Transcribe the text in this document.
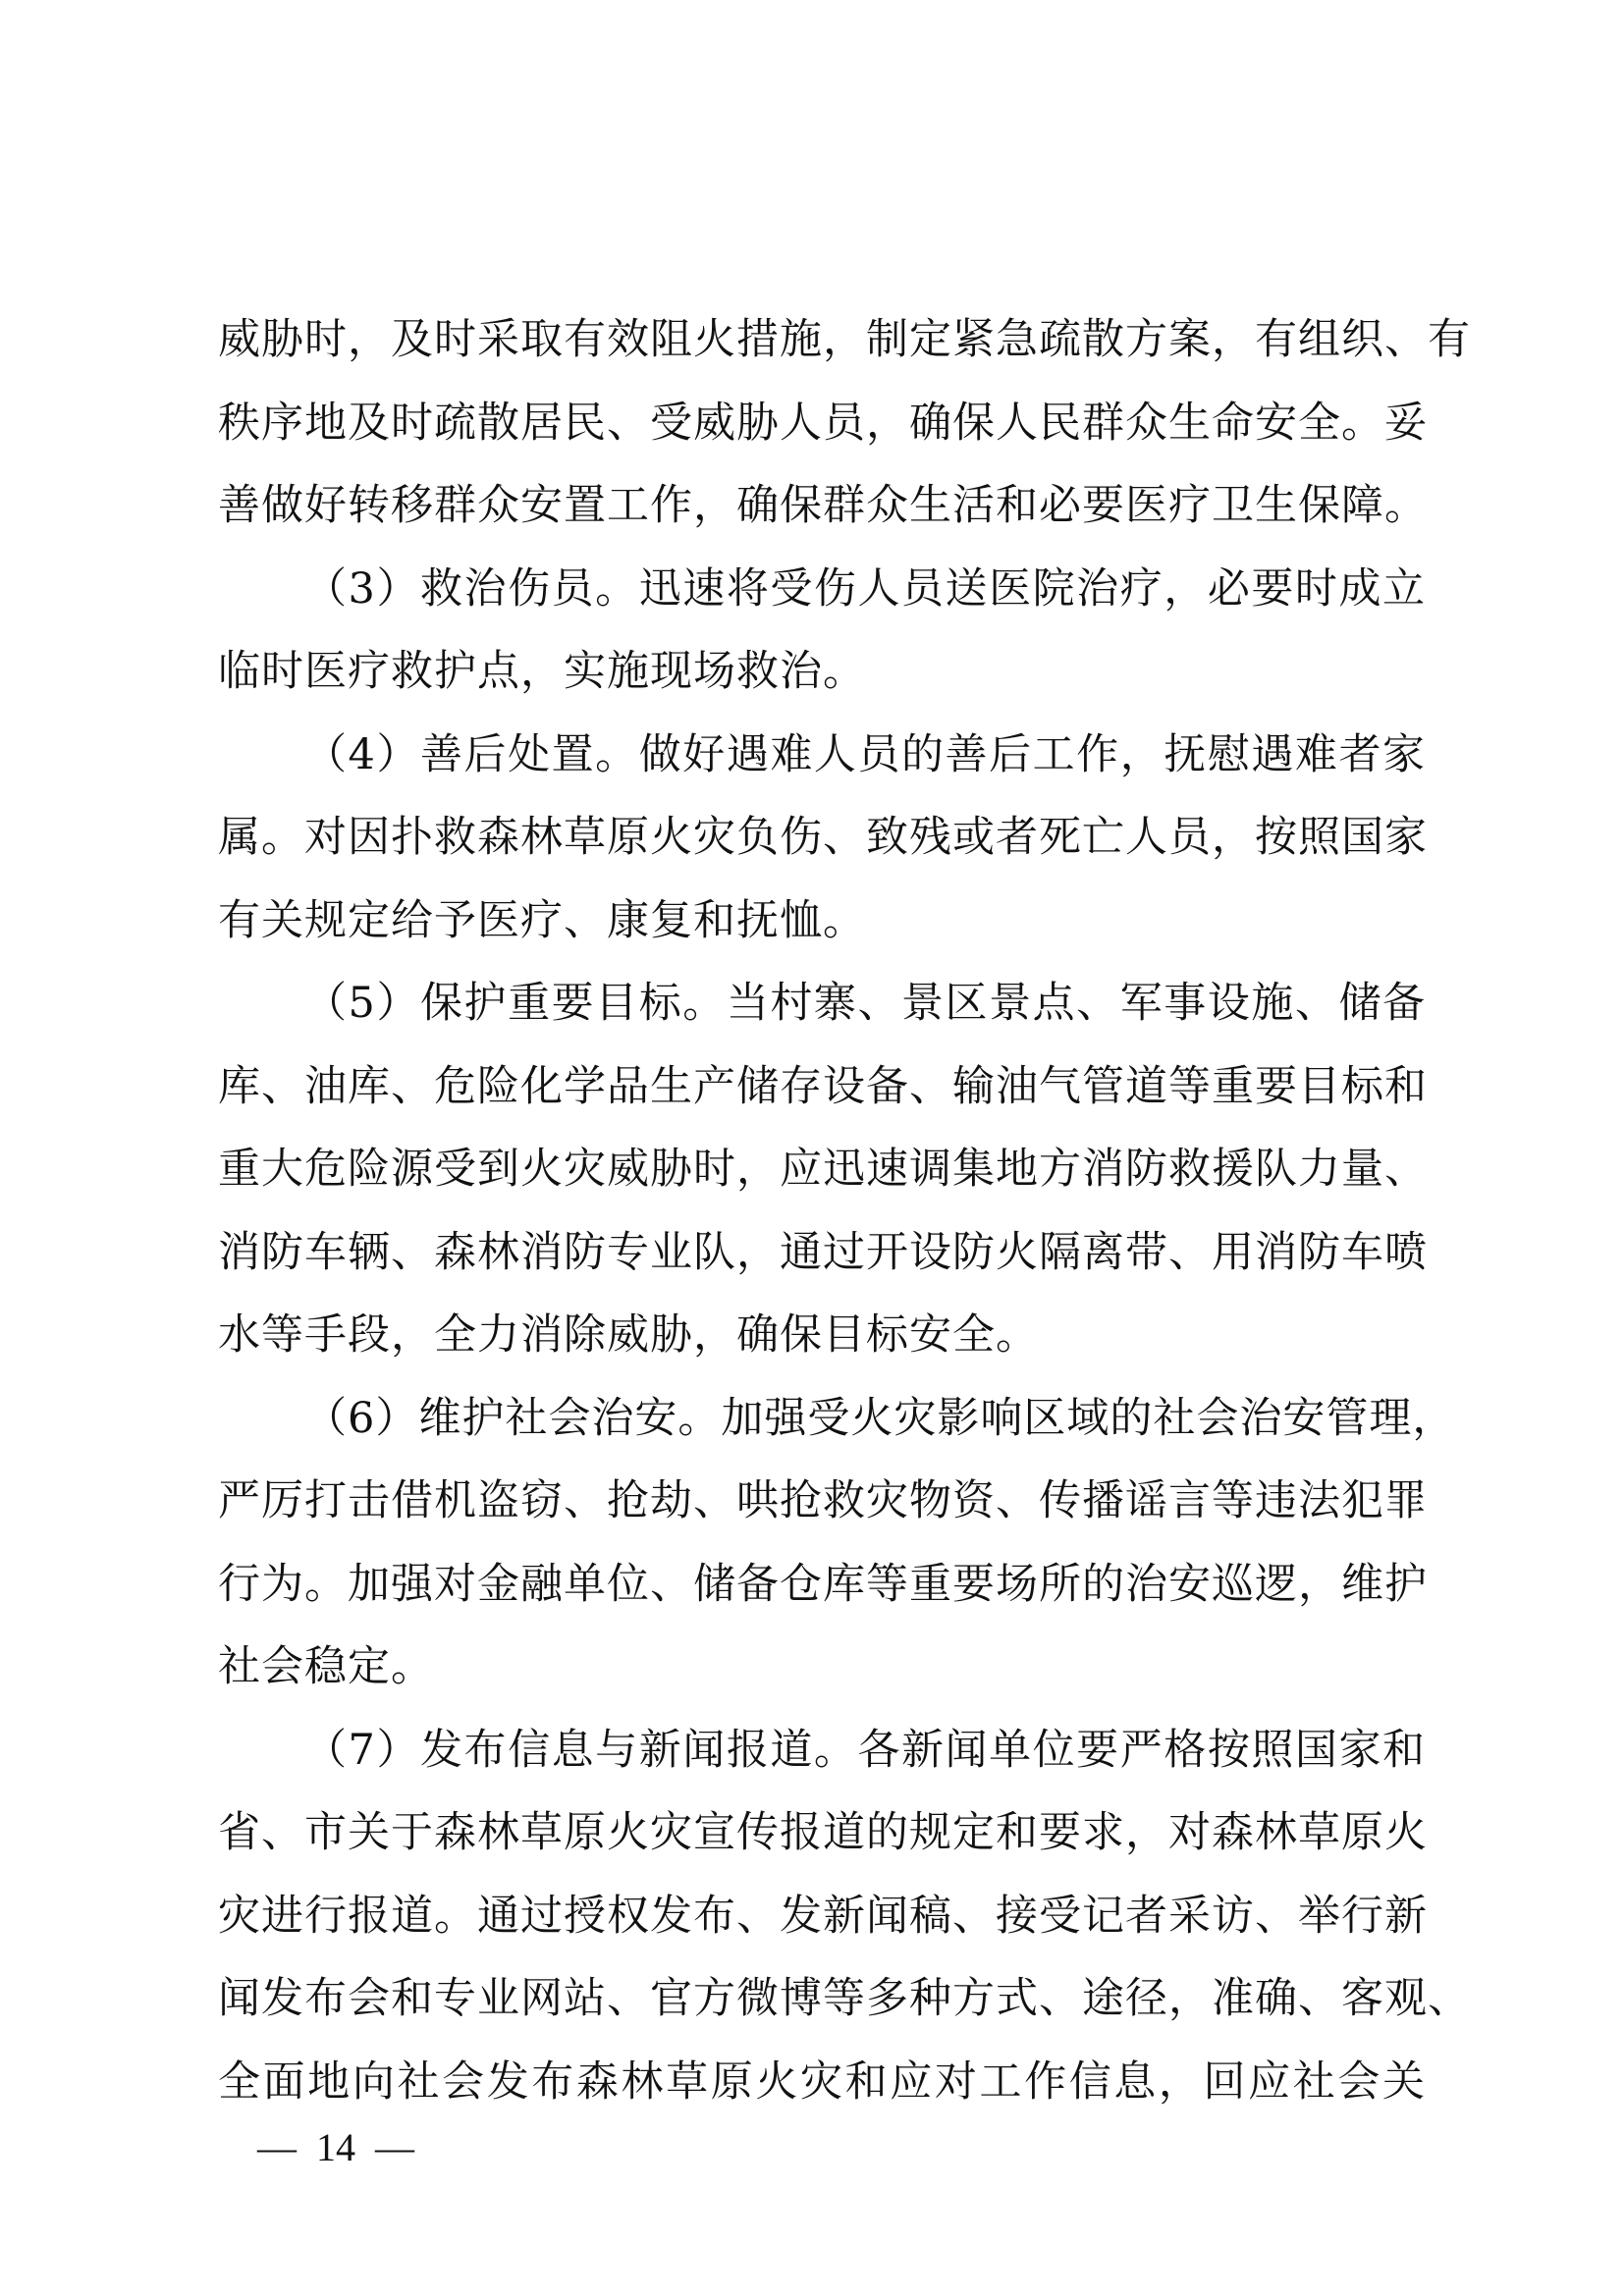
威胁时，及时采取有效阻火措施，制定紧急疏散方案，有组织、有
秩序地及时疏散居民、受威胁人员，确保人民群众生命安全。妥
善做好转移群众安置工作，确保群众生活和必要医疗卫生保障。
（3）救治伤员。迅速将受伤人员送医院治疗，必要时成立
临时医疗救护点，实施现场救治。
（4）善后处置。做好遇难人员的善后工作，抚慰遇难者家
属。对因扑救森林草原火灾负伤、致残或者死亡人员，按照国家
有关规定给予医疗、康复和抚恤。
（5）保护重要目标。当村寨、景区景点、军事设施、储备
库、油库、危险化学品生产储存设备、输油气管道等重要目标和
重大危险源受到火灾威胁时，应迅速调集地方消防救援队力量、
消防车辆、森林消防专业队，通过开设防火隔离带、用消防车喷
水等手段，全力消除威胁，确保目标安全。
（6）维护社会治安。加强受火灾影响区域的社会治安管理，
严厉打击借机盗窃、抢劫、哄抢救灾物资、传播谣言等违法犯罪
行为。加强对金融单位、储备仓库等重要场所的治安巡逻，维护
社会稳定。
（7）发布信息与新闻报道。各新闻单位要严格按照国家和
省、市关于森林草原火灾宣传报道的规定和要求，对森林草原火
灾进行报道。通过授权发布、发新闻稿、接受记者采访、举行新
闻发布会和专业网站、官方微博等多种方式、途径，准确、客观、
全面地向社会发布森林草原火灾和应对工作信息，回应社会关
— 14 —
